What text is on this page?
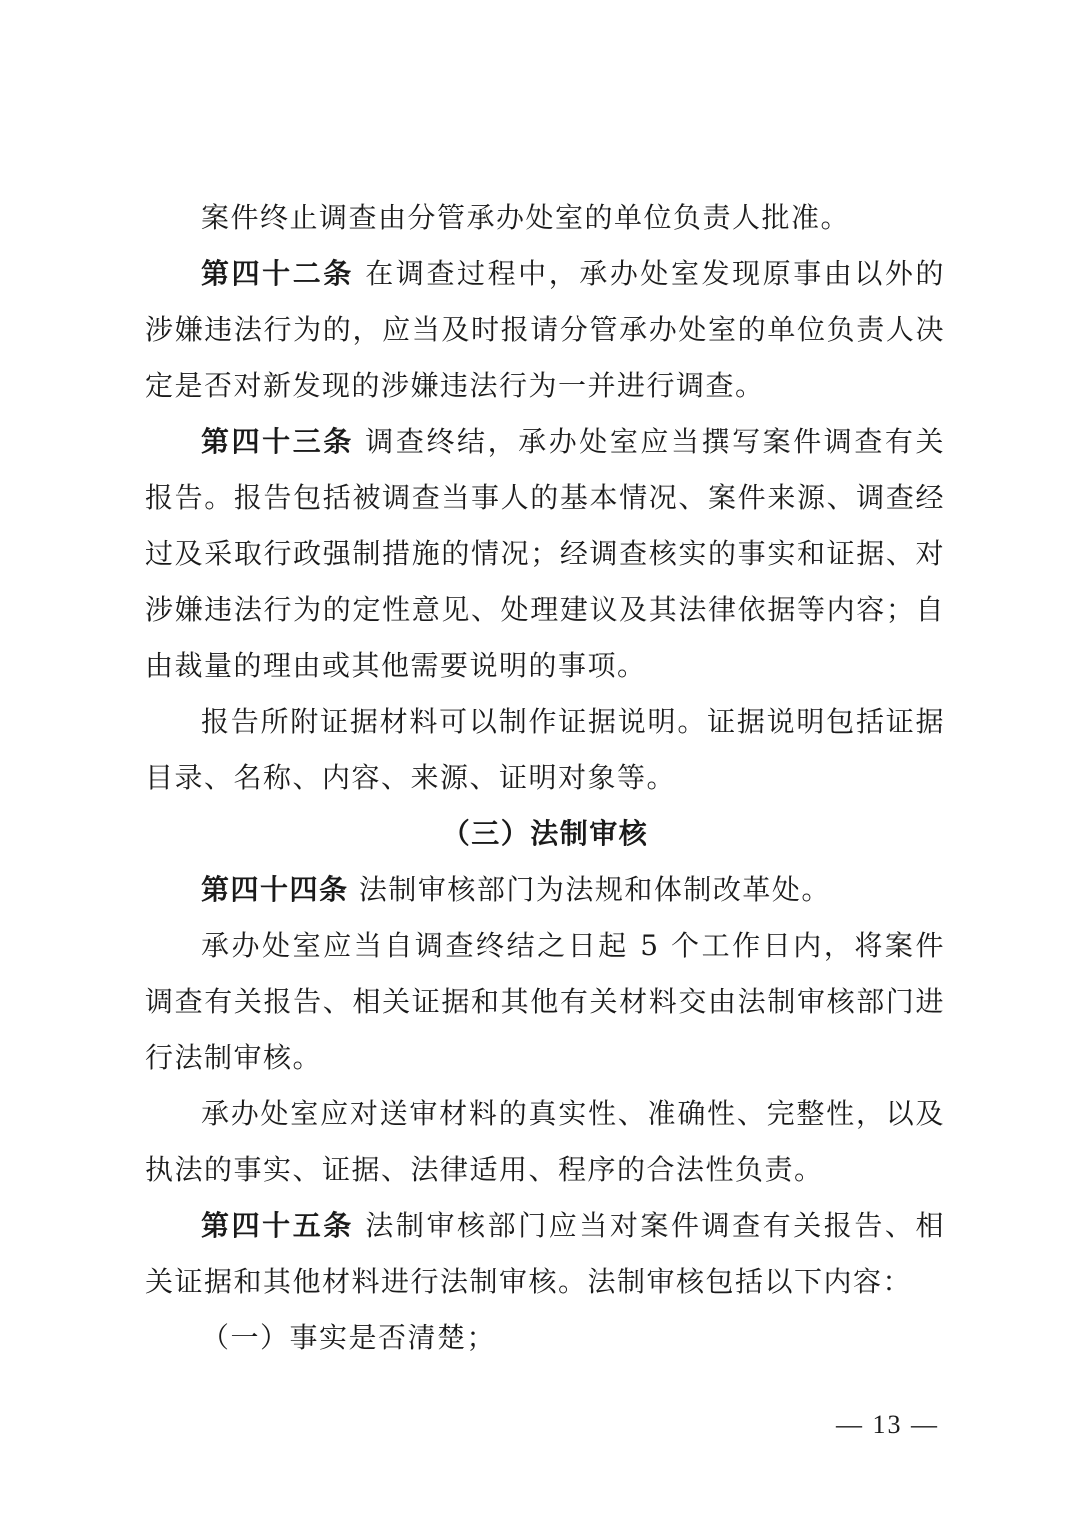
案件终止调查由分管承办处室的单位负责人批准。

第四十二条 在调查过程中，承办处室发现原事由以外的涉嫌违法行为的，应当及时报请分管承办处室的单位负责人决定是否对新发现的涉嫌违法行为一并进行调查。

第四十三条 调查终结，承办处室应当撰写案件调查有关报告。报告包括被调查当事人的基本情况、案件来源、调查经过及采取行政强制措施的情况；经调查核实的事实和证据、对涉嫌违法行为的定性意见、处理建议及其法律依据等内容；自由裁量的理由或其他需要说明的事项。

报告所附证据材料可以制作证据说明。证据说明包括证据目录、名称、内容、来源、证明对象等。

（三）法制审核

第四十四条 法制审核部门为法规和体制改革处。

承办处室应当自调查终结之日起 5 个工作日内，将案件调查有关报告、相关证据和其他有关材料交由法制审核部门进行法制审核。

承办处室应对送审材料的真实性、准确性、完整性，以及执法的事实、证据、法律适用、程序的合法性负责。

第四十五条 法制审核部门应当对案件调查有关报告、相关证据和其他材料进行法制审核。法制审核包括以下内容：

（一）事实是否清楚；

— 13 —
